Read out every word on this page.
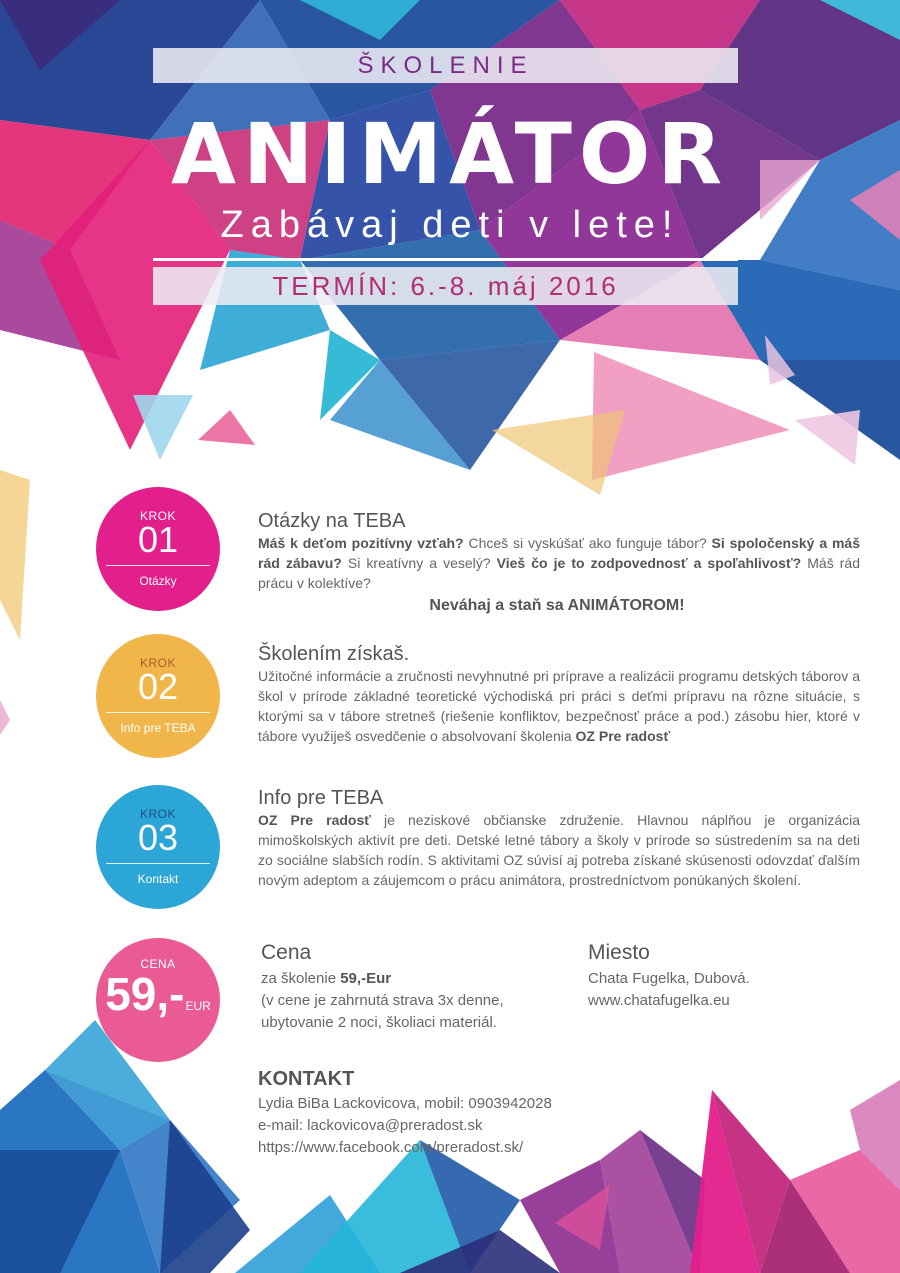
ŠKOLENIE
ANIMÁTOR
Zabávaj deti v lete!
TERMÍN: 6.-8. máj 2016
KROK
01
Otázky
Otázky na TEBA

Máš k deťom pozitívny vzťah? Chceš si vyskúšať ako funguje tábor? Si spoločenský a máš rád zábavu? Si kreatívny a veselý? Vieš čo je to zodpovednosť a spoľahlivosť? Máš rád prácu v kolektíve?

Neváhaj a staň sa ANIMÁTOROM!
KROK
02
Info pre TEBA
Školením získaš.

Užitočné informácie a zručnosti nevyhnutné pri príprave a realizácii programu detských táborov a škol v prírode základné teoretické východiská pri práci s deťmi prípravu na rôzne situácie, s ktorými sa v tábore stretneš (riešenie konfliktov, bezpečnosť práce a pod.) zásobu hier, ktoré v tábore využiješ osvedčenie o absolvovaní školenia OZ Pre radosť

KROK
03
Kontakt
Info pre TEBA

OZ Pre radosť je neziskové občianske združenie. Hlavnou náplňou je organizácia mimoškolských aktivít pre deti. Detské letné tábory a školy v prírode so sústredením sa na deti zo sociálne slabších rodín. S aktivitami OZ súvisí aj potreba získané skúsenosti odovzdať ďalším novým adeptom a záujemcom o prácu animátora, prostredníctvom ponúkaných školení.

CENA
59,-EUR
Cena
za školenie 59,-Eur
(v cene je zahrnutá strava 3x denne,
ubytovanie 2 noci, školiaci materiál.
Miesto
Chata Fugelka, Dubová.
www.chatafugelka.eu
KONTAKT
Lydia BiBa Lackovicova, mobil: 0903942028
e-mail: lackovicova@preradost.sk
https://www.facebook.com/preradost.sk/
